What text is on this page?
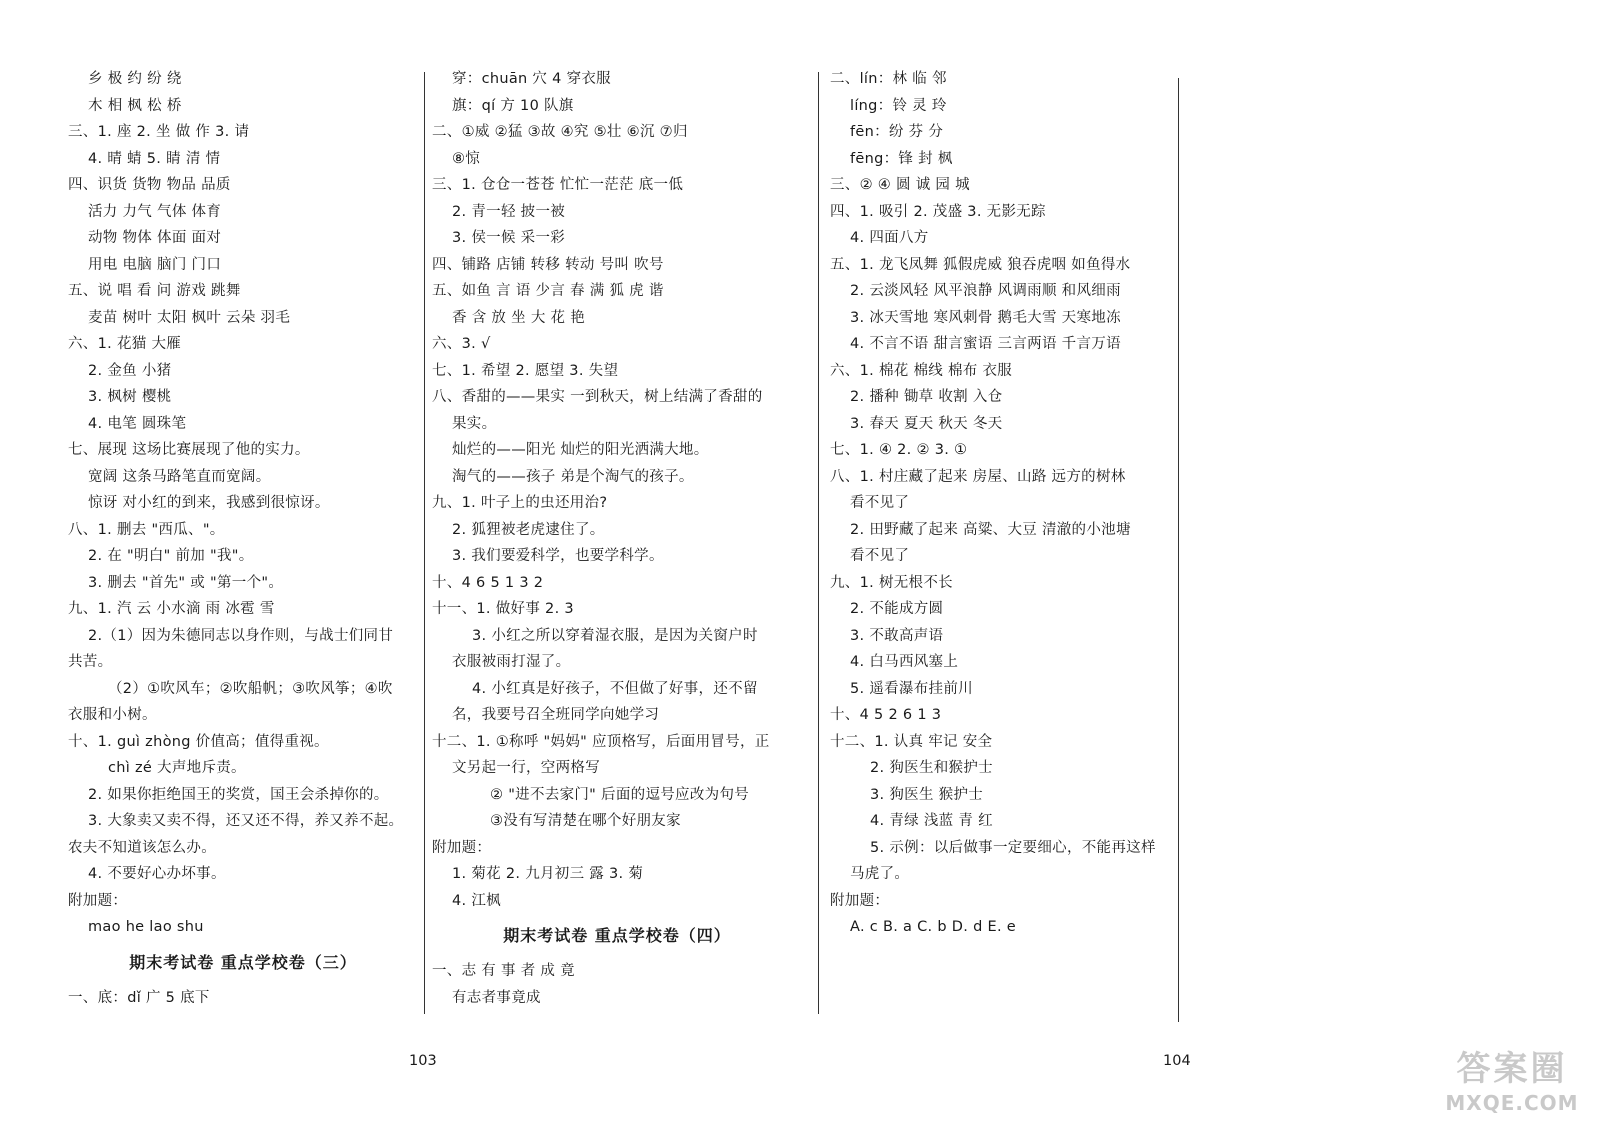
乡 极 约 纷 绕
木 相 枫 松 桥
三、1. 座 2. 坐 做 作 3. 请
4. 晴 蜻 5. 睛 清 情
四、识货 货物 物品 品质
活力 力气 气体 体育
动物 物体 体面 面对
用电 电脑 脑门 门口
五、说 唱 看 问 游戏 跳舞
麦苗 树叶 太阳 枫叶 云朵 羽毛
六、1. 花猫 大雁
2. 金鱼 小猪
3. 枫树 樱桃
4. 电笔 圆珠笔
七、展现 这场比赛展现了他的实力。
宽阔 这条马路笔直而宽阔。
惊讶 对小红的到来，我感到很惊讶。
八、1. 删去 "西瓜、"。
2. 在 "明白" 前加 "我"。
3. 删去 "首先" 或 "第一个"。
九、1. 汽 云 小水滴 雨 冰雹 雪
2.（1）因为朱德同志以身作则，与战士们同甘
共苦。
（2）①吹风车；②吹船帆；③吹风筝；④吹
衣服和小树。
十、1. guì zhòng 价值高；值得重视。
chì zé 大声地斥责。
2. 如果你拒绝国王的奖赏，国王会杀掉你的。
3. 大象卖又卖不得，还又还不得，养又养不起。
农夫不知道该怎么办。
4. 不要好心办坏事。
附加题：
mao he lao shu
期末考试卷 重点学校卷（三）
一、底：dǐ 广 5 底下
穿：chuān 穴 4 穿衣服
旗：qí 方 10 队旗
二、①威 ②猛 ③故 ④究 ⑤壮 ⑥沉 ⑦归
⑧惊
三、1. 仓仓一苍苍 忙忙一茫茫 底一低
2. 青一轻 披一被
3. 侯一候 采一彩
四、铺路 店铺 转移 转动 号叫 吹号
五、如鱼 言 语 少言 春 满 狐 虎 谐
香 含 放 坐 大 花 艳
六、3. √
七、1. 希望 2. 愿望 3. 失望
八、香甜的——果实 一到秋天，树上结满了香甜的
果实。
灿烂的——阳光 灿烂的阳光洒满大地。
淘气的——孩子 弟是个淘气的孩子。
九、1. 叶子上的虫还用治?
2. 狐狸被老虎逮住了。
3. 我们要爱科学，也要学科学。
十、4 6 5 1 3 2
十一、1. 做好事 2. 3
3. 小红之所以穿着湿衣服，是因为关窗户时
衣服被雨打湿了。
4. 小红真是好孩子，不但做了好事，还不留
名，我要号召全班同学向她学习
十二、1. ①称呼 "妈妈" 应顶格写，后面用冒号，正
文另起一行，空两格写
② "进不去家门" 后面的逗号应改为句号
③没有写清楚在哪个好朋友家
附加题：
1. 菊花 2. 九月初三 露 3. 菊
4. 江枫
期末考试卷 重点学校卷（四）
一、志 有 事 者 成 竟
有志者事竟成
二、lín：林 临 邻
líng：铃 灵 玲
fēn：纷 芬 分
fēng：锋 封 枫
三、② ④ 圆 诚 园 城
四、1. 吸引 2. 茂盛 3. 无影无踪
4. 四面八方
五、1. 龙飞凤舞 狐假虎威 狼吞虎咽 如鱼得水
2. 云淡风轻 风平浪静 风调雨顺 和风细雨
3. 冰天雪地 寒风刺骨 鹅毛大雪 天寒地冻
4. 不言不语 甜言蜜语 三言两语 千言万语
六、1. 棉花 棉线 棉布 衣服
2. 播种 锄草 收割 入仓
3. 春天 夏天 秋天 冬天
七、1. ④ 2. ② 3. ①
八、1. 村庄藏了起来 房屋、山路 远方的树林
看不见了
2. 田野藏了起来 高粱、大豆 清澈的小池塘
看不见了
九、1. 树无根不长
2. 不能成方圆
3. 不敢高声语
4. 白马西风塞上
5. 遥看瀑布挂前川
十、4 5 2 6 1 3
十二、1. 认真 牢记 安全
2. 狗医生和猴护士
3. 狗医生 猴护士
4. 青绿 浅蓝 青 红
5. 示例：以后做事一定要细心，不能再这样
马虎了。
附加题：
A. c B. a C. b D. d E. e
103	104	答案圈
MXQE.COM
